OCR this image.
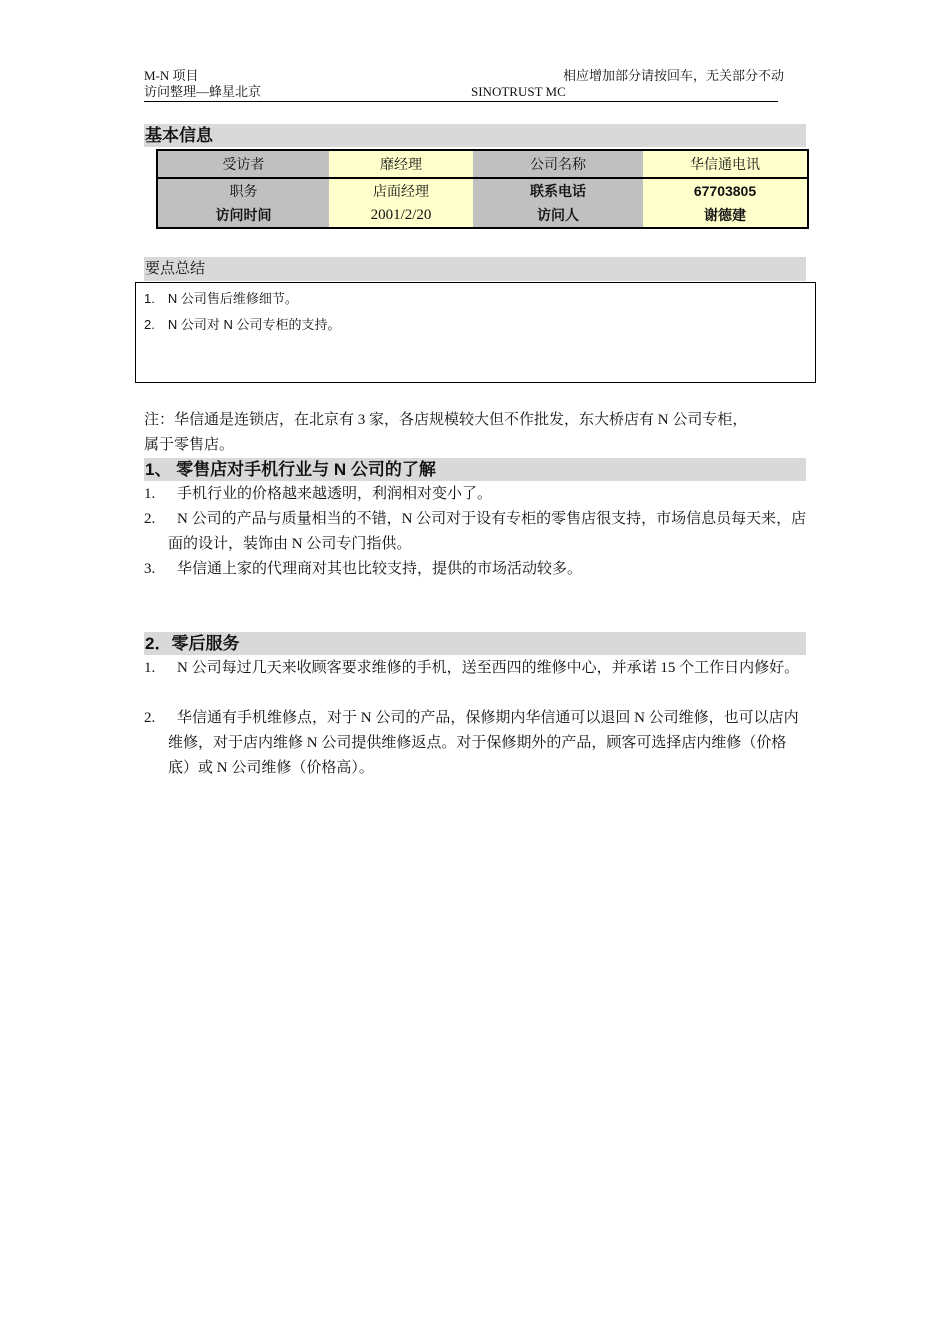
M-N 项目
访问整理—蜂星北京
相应增加部分请按回车，无关部分不动
SINOTRUST MC
基本信息
受访者	靡经理	公司名称	华信通电讯
职务	店面经理	联系电话	67703805
访问时间	2001/2/20	访问人	谢德建
要点总结
1.　N 公司售后维修细节。
2.　N 公司对 N 公司专柜的支持。
注：华信通是连锁店，在北京有 3 家，各店规模较大但不作批发，东大桥店有 N 公司专柜，
属于零售店。
1、 零售店对手机行业与 N 公司的了解
1.	手机行业的价格越来越透明，利润相对变小了。
2.	N 公司的产品与质量相当的不错，N 公司对于设有专柜的零售店很支持，市场信息员每天来，店面的设计，装饰由 N 公司专门指供。
3.	华信通上家的代理商对其也比较支持，提供的市场活动较多。
2．零后服务
1.	N 公司每过几天来收顾客要求维修的手机，送至西四的维修中心，并承诺 15 个工作日内修好。
2.	华信通有手机维修点，对于 N 公司的产品，保修期内华信通可以退回 N 公司维修，也可以店内维修，对于店内维修 N 公司提供维修返点。对于保修期外的产品，顾客可选择店内维修（价格底）或 N 公司维修（价格高）。
